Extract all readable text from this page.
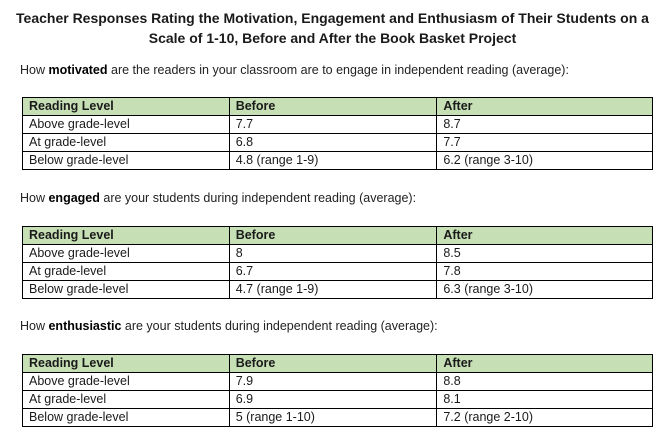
Teacher Responses Rating the Motivation, Engagement and Enthusiasm of Their Students on a
Scale of 1-10, Before and After the Book Basket Project
How motivated are the readers in your classroom are to engage in independent reading (average):
Reading Level	Before	After
Above grade-level	7.7	8.7
At grade-level	6.8	7.7
Below grade-level	4.8 (range 1-9)	6.2 (range 3-10)
How engaged are your students during independent reading (average):
Reading Level	Before	After
Above grade-level	8	8.5
At grade-level	6.7	7.8
Below grade-level	4.7 (range 1-9)	6.3 (range 3-10)
How enthusiastic are your students during independent reading (average):
Reading Level	Before	After
Above grade-level	7.9	8.8
At grade-level	6.9	8.1
Below grade-level	5 (range 1-10)	7.2 (range 2-10)
